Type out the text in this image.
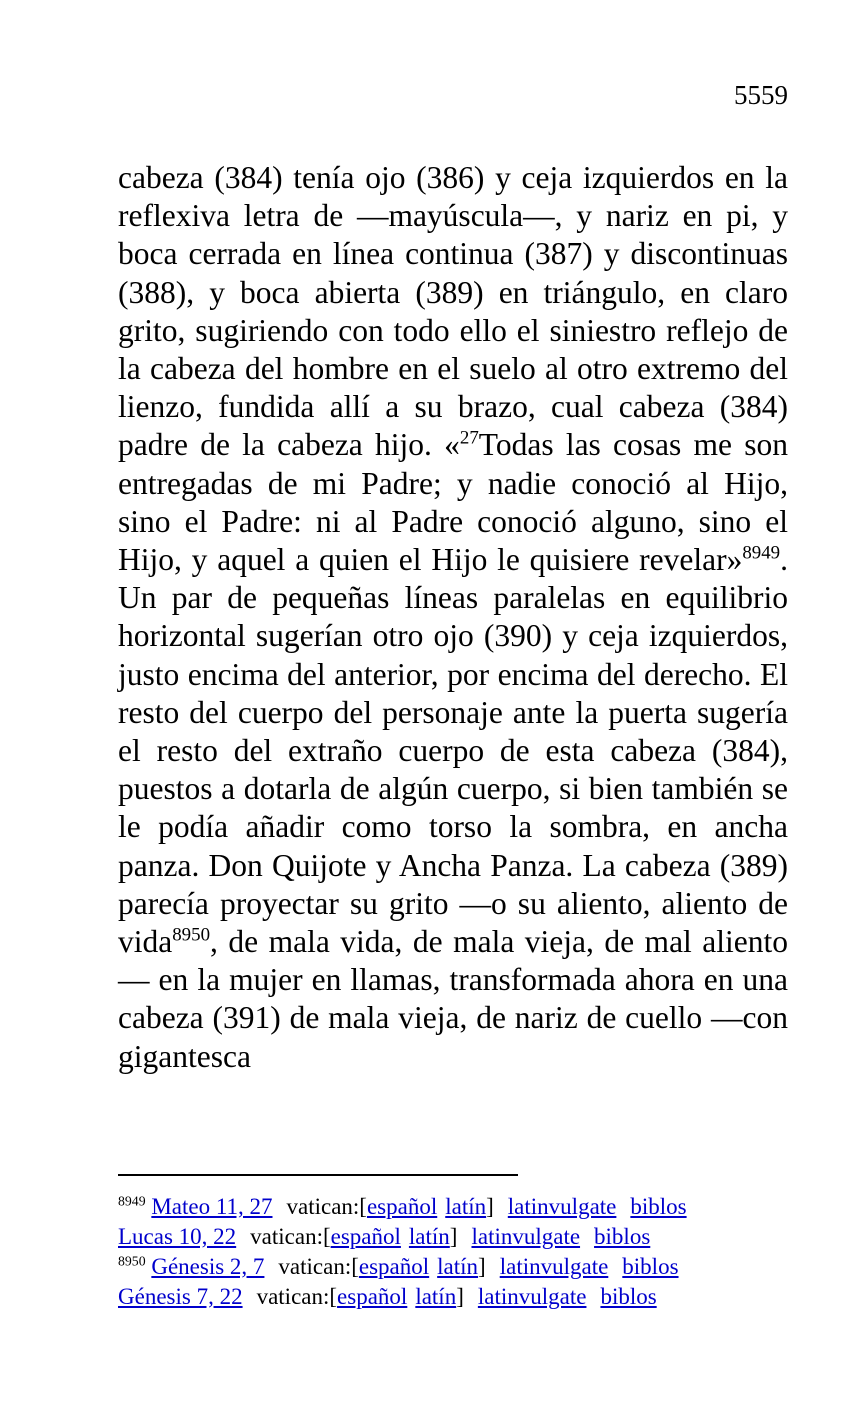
5559

cabeza (384) tenía ojo (386) y ceja izquierdos en la reflexiva letra de —mayúscula—, y nariz en pi, y boca cerrada en línea continua (387) y discontinuas (388), y boca abierta (389) en triángulo, en claro grito, sugiriendo con todo ello el siniestro reflejo de la cabeza del hombre en el suelo al otro extremo del lienzo, fundida allí a su brazo, cual cabeza (384) padre de la cabeza hijo. «$^{27}$Todas las cosas me son entregadas de mi Padre; y nadie conoció al Hijo, sino el Padre: ni al Padre conoció alguno, sino el Hijo, y aquel a quien el Hijo le quisiere revelar»$^{8949}$. Un par de pequeñas líneas paralelas en equilibrio horizontal sugerían otro ojo (390) y ceja izquierdos, justo encima del anterior, por encima del derecho. El resto del cuerpo del personaje ante la puerta sugería el resto del extraño cuerpo de esta cabeza (384), puestos a dotarla de algún cuerpo, si bien también se le podía añadir como torso la sombra, en ancha panza. Don Quijote y Ancha Panza. La cabeza (389) parecía proyectar su grito —o su aliento, aliento de vida$^{8950}$, de mala vida, de mala vieja, de mal aliento— en la mujer en llamas, transformada ahora en una cabeza (391) de mala vieja, de nariz de cuello —con gigantesca

$^{8949}$ Mateo 11, 27 vatican:[español latín] latinvulgate biblos
Lucas 10, 22 vatican:[español latín] latinvulgate biblos
$^{8950}$ Génesis 2, 7 vatican:[español latín] latinvulgate biblos
Génesis 7, 22 vatican:[español latín] latinvulgate biblos
